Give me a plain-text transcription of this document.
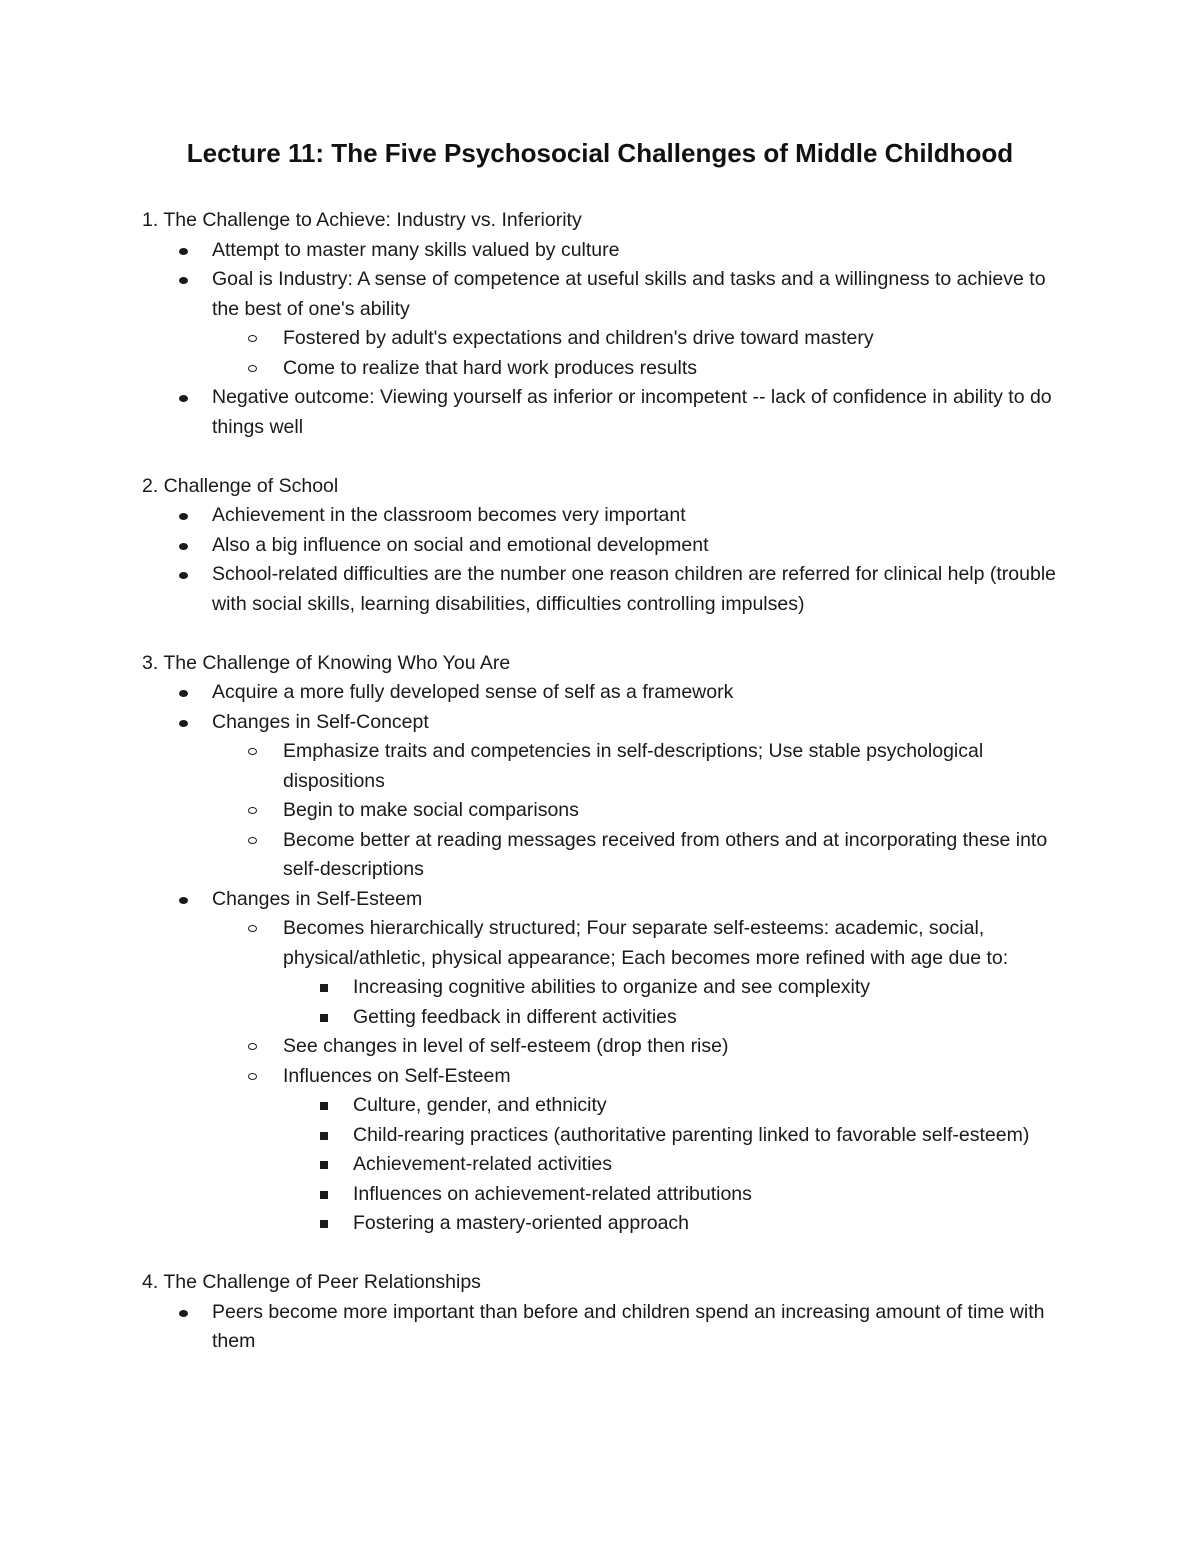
Lecture 11: The Five Psychosocial Challenges of Middle Childhood

1. The Challenge to Achieve: Industry vs. Inferiority

Attempt to master many skills valued by culture
Goal is Industry: A sense of competence at useful skills and tasks and a willingness to achieve to the best of one's ability
Fostered by adult's expectations and children's drive toward mastery
Come to realize that hard work produces results
Negative outcome: Viewing yourself as inferior or incompetent -- lack of confidence in ability to do things well

2. Challenge of School

Achievement in the classroom becomes very important
Also a big influence on social and emotional development
School-related difficulties are the number one reason children are referred for clinical help (trouble with social skills, learning disabilities, difficulties controlling impulses)

3. The Challenge of Knowing Who You Are

Acquire a more fully developed sense of self as a framework
Changes in Self-Concept
Emphasize traits and competencies in self-descriptions; Use stable psychological dispositions
Begin to make social comparisons
Become better at reading messages received from others and at incorporating these into self-descriptions
Changes in Self-Esteem
Becomes hierarchically structured; Four separate self-esteems: academic, social, physical/athletic, physical appearance; Each becomes more refined with age due to:
Increasing cognitive abilities to organize and see complexity
Getting feedback in different activities
See changes in level of self-esteem (drop then rise)
Influences on Self-Esteem
Culture, gender, and ethnicity
Child-rearing practices (authoritative parenting linked to favorable self-esteem)
Achievement-related activities
Influences on achievement-related attributions
Fostering a mastery-oriented approach

4. The Challenge of Peer Relationships

Peers become more important than before and children spend an increasing amount of time with them
